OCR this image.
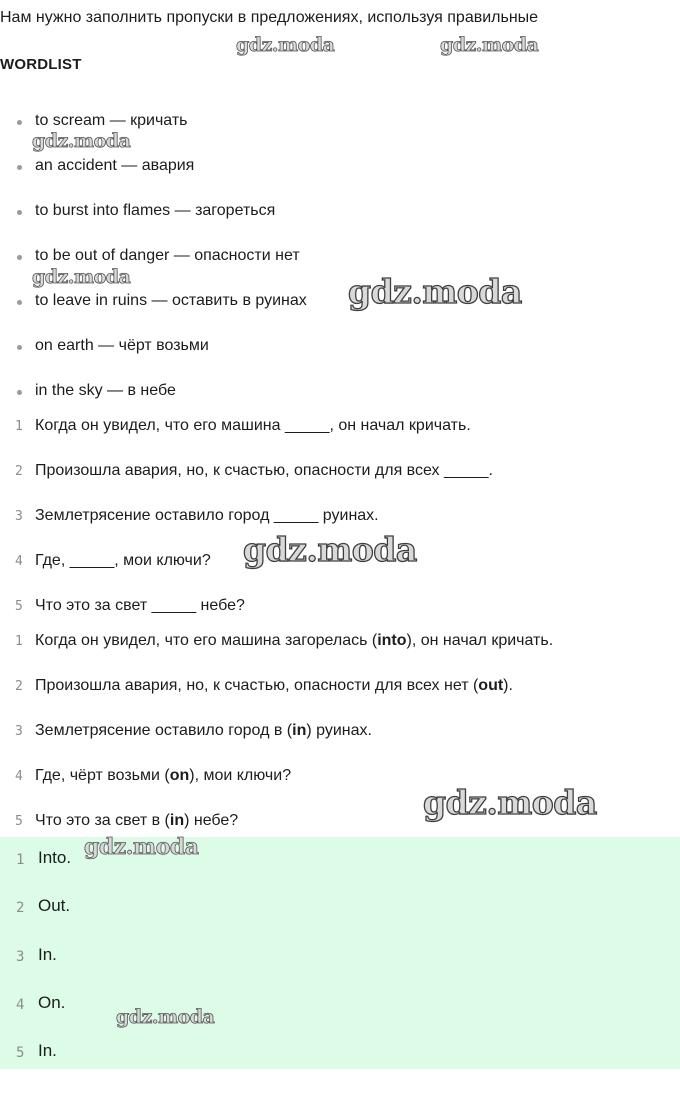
Нам нужно заполнить пропуски в предложениях, используя правильные
WORDLIST
to scream — кричать
an accident — авария
to burst into flames — загореться
to be out of danger — опасности нет
to leave in ruins — оставить в руинах
on earth — чёрт возьми
in the sky — в небе
1 Когда он увидел, что его машина _____, он начал кричать.
2 Произошла авария, но, к счастью, опасности для всех _____.
3 Землетрясение оставило город _____ руинах.
4 Где, _____, мои ключи?
5 Что это за свет _____ небе?
1 Когда он увидел, что его машина загорелась (into), он начал кричать.
2 Произошла авария, но, к счастью, опасности для всех нет (out).
3 Землетрясение оставило город в (in) руинах.
4 Где, чёрт возьми (on), мои ключи?
5 Что это за свет в (in) небе?
1 Into.
2 Out.
3 In.
4 On.
5 In.
gdz.moda	gdz.moda
gdz.moda
gdz.moda	gdz.moda
gdz.moda
gdz.moda
gdz.moda
gdz.moda
